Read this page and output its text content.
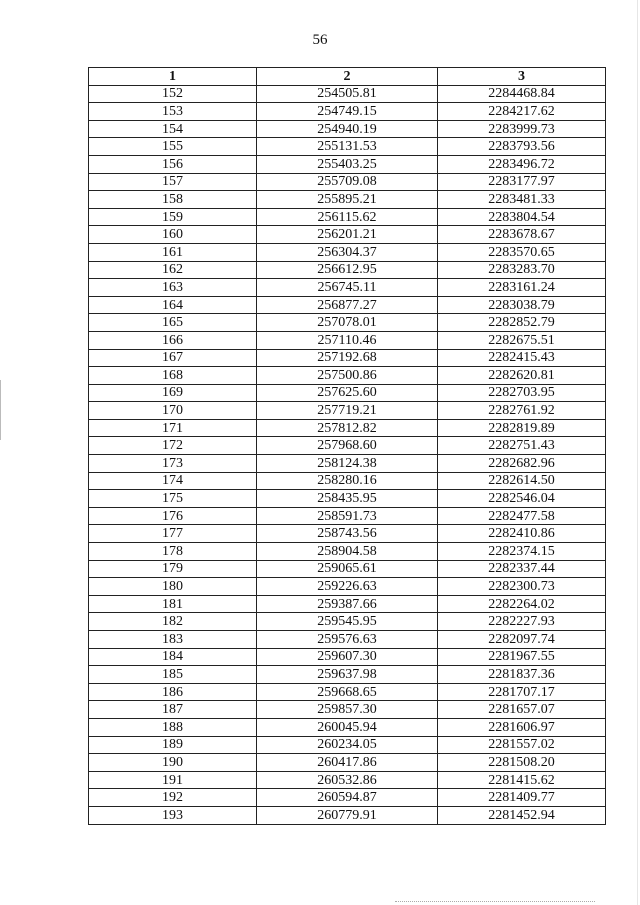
56
1	2	3
152	254505.81	2284468.84
153	254749.15	2284217.62
154	254940.19	2283999.73
155	255131.53	2283793.56
156	255403.25	2283496.72
157	255709.08	2283177.97
158	255895.21	2283481.33
159	256115.62	2283804.54
160	256201.21	2283678.67
161	256304.37	2283570.65
162	256612.95	2283283.70
163	256745.11	2283161.24
164	256877.27	2283038.79
165	257078.01	2282852.79
166	257110.46	2282675.51
167	257192.68	2282415.43
168	257500.86	2282620.81
169	257625.60	2282703.95
170	257719.21	2282761.92
171	257812.82	2282819.89
172	257968.60	2282751.43
173	258124.38	2282682.96
174	258280.16	2282614.50
175	258435.95	2282546.04
176	258591.73	2282477.58
177	258743.56	2282410.86
178	258904.58	2282374.15
179	259065.61	2282337.44
180	259226.63	2282300.73
181	259387.66	2282264.02
182	259545.95	2282227.93
183	259576.63	2282097.74
184	259607.30	2281967.55
185	259637.98	2281837.36
186	259668.65	2281707.17
187	259857.30	2281657.07
188	260045.94	2281606.97
189	260234.05	2281557.02
190	260417.86	2281508.20
191	260532.86	2281415.62
192	260594.87	2281409.77
193	260779.91	2281452.94
